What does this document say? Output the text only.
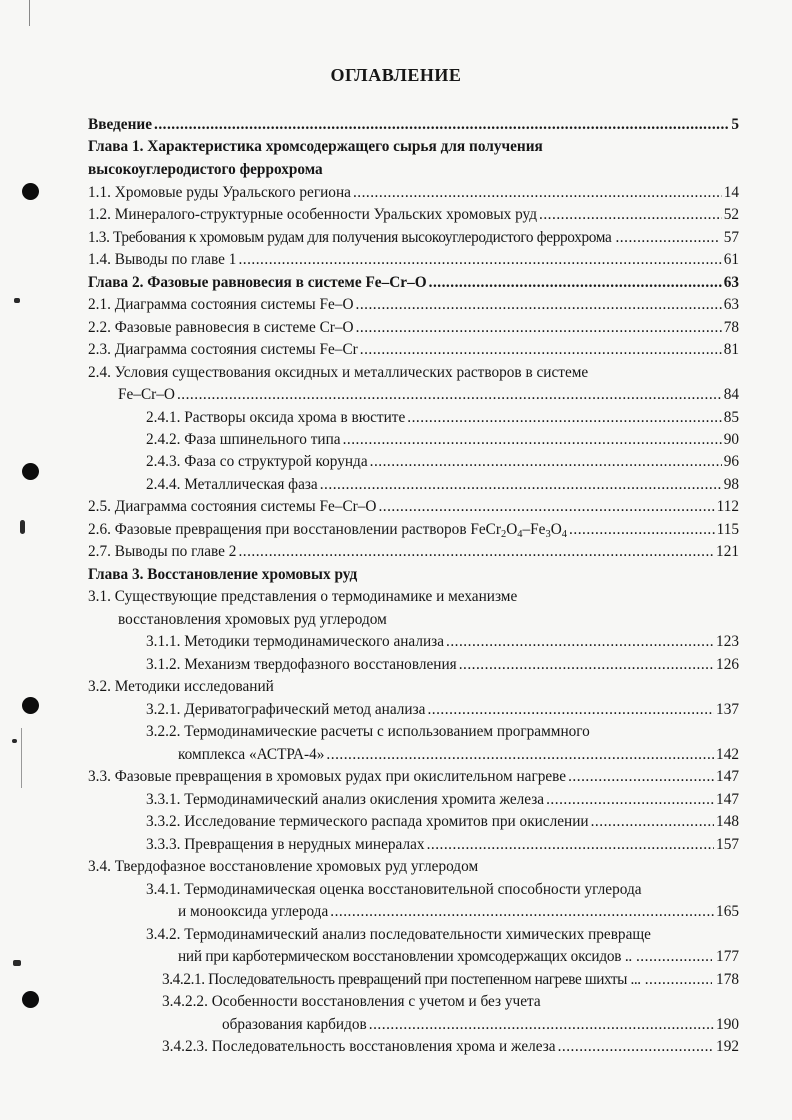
ОГЛАВЛЕНИЕ
Введение .....	5
Глава 1. Характеристика хромсодержащего сырья для получения
высокоуглеродистого феррохрома
1.1. Хромовые руды Уральского региона .....	14
1.2. Минералого-структурные особенности Уральских хромовых руд .....	52
1.3. Требования к хромовым рудам для получения высокоуглеродистого феррохрома .....	57
1.4. Выводы по главе 1 .....	61
Глава 2. Фазовые равновесия в системе Fe–Cr–O .....	63
2.1. Диаграмма состояния системы Fe–O .....	63
2.2. Фазовые равновесия в системе Cr–O .....	78
2.3. Диаграмма состояния системы Fe–Cr .....	81
2.4. Условия существования оксидных и металлических растворов в системе
Fe–Cr–O .....	84
2.4.1. Растворы оксида хрома в вюстите .....	85
2.4.2. Фаза шпинельного типа .....	90
2.4.3. Фаза со структурой корунда .....	96
2.4.4. Металлическая фаза .....	98
2.5. Диаграмма состояния системы Fe–Cr–O .....	112
2.6. Фазовые превращения при восстановлении растворов $FeCr_2O_4-Fe_3O_4$ .....	115
2.7. Выводы по главе 2 .....	121
Глава 3. Восстановление хромовых руд
3.1. Существующие представления о термодинамике и механизме
восстановления хромовых руд углеродом
3.1.1. Методики термодинамического анализа .....	123
3.1.2. Механизм твердофазного восстановления .....	126
3.2. Методики исследований
3.2.1. Дериватографический метод анализа .....	137
3.2.2. Термодинамические расчеты с использованием программного
комплекса «АСТРА-4» .....	142
3.3. Фазовые превращения в хромовых рудах при окислительном нагреве .....	147
3.3.1. Термодинамический анализ окисления хромита железа .....	147
3.3.2. Исследование термического распада хромитов при окислении .....	148
3.3.3. Превращения в нерудных минералах .....	157
3.4. Твердофазное восстановление хромовых руд углеродом
3.4.1. Термодинамическая оценка восстановительной способности углерода
и монооксида углерода .....	165
3.4.2. Термодинамический анализ последовательности химических превраще
ний при карботермическом восстановлении хромсодержащих оксидов .. .....	177
3.4.2.1. Последовательность превращений при постепенном нагреве шихты ... .....	178
3.4.2.2. Особенности восстановления с учетом и без учета
образования карбидов .....	190
3.4.2.3. Последовательность восстановления хрома и железа .....	192
